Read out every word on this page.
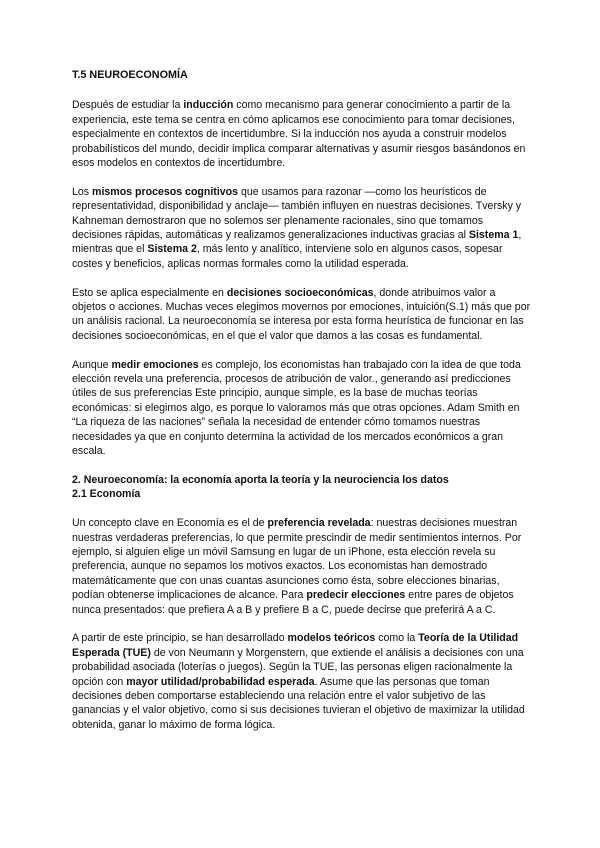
T.5 NEUROECONOMÍA

Después de estudiar la inducción como mecanismo para generar conocimiento a partir de la experiencia, este tema se centra en cómo aplicamos ese conocimiento para tomar decisiones, especialmente en contextos de incertidumbre. Si la inducción nos ayuda a construir modelos probabilísticos del mundo, decidir implica comparar alternativas y asumir riesgos basándonos en esos modelos en contextos de incertidumbre.

Los mismos procesos cognitivos que usamos para razonar —como los heurísticos de representatividad, disponibilidad y anclaje— también influyen en nuestras decisiones. Tversky y Kahneman demostraron que no solemos ser plenamente racionales, sino que tomamos decisiones rápidas, automáticas y realizamos generalizaciones inductivas gracias al Sistema 1, mientras que el Sistema 2, más lento y analítico, interviene solo en algunos casos, sopesar costes y beneficios, aplicas normas formales como la utilidad esperada.

Esto se aplica especialmente en decisiones socioeconómicas, donde atribuimos valor a objetos o acciones. Muchas veces elegimos movernos por emociones, intuición(S.1) más que por un análisis racional. La neuroeconomía se interesa por esta forma heurística de funcionar en las decisiones socioeconómicas, en el que el valor que damos a las cosas es fundamental.

Aunque medir emociones es complejo, los economistas han trabajado con la idea de que toda elección revela una preferencia, procesos de atribución de valor., generando así predicciones útiles de sus preferencias Este principio, aunque simple, es la base de muchas teorías económicas: si elegimos algo, es porque lo valoramos más que otras opciones. Adam Smith en “La riqueza de las naciones” señala la necesidad de entender cómo tomamos nuestras necesidades ya que en conjunto determina la actividad de los mercados económicos a gran escala.

2. Neuroeconomía: la economía aporta la teoría y la neurociencia los datos
2.1 Economía

Un concepto clave en Economía es el de preferencia revelada: nuestras decisiones muestran nuestras verdaderas preferencias, lo que permite prescindir de medir sentimientos internos. Por ejemplo, si alguien elige un móvil Samsung en lugar de un iPhone, esta elección revela su preferencia, aunque no sepamos los motivos exactos. Los economistas han demostrado matemáticamente que con unas cuantas asunciones como ésta, sobre elecciones binarias, podían obtenerse implicaciones de alcance. Para predecir elecciones entre pares de objetos nunca presentados: que prefiera A a B y prefiere B a C, puede decirse que preferirá A a C.

A partir de este principio, se han desarrollado modelos teóricos como la Teoría de la Utilidad Esperada (TUE) de von Neumann y Morgenstern, que extiende el análisis a decisiones con una probabilidad asociada (loterías o juegos). Según la TUE, las personas eligen racionalmente la opción con mayor utilidad/probabilidad esperada. Asume que las personas que toman decisiones deben comportarse estableciendo una relación entre el valor subjetivo de las ganancias y el valor objetivo, como si sus decisiones tuvieran el objetivo de maximizar la utilidad obtenida, ganar lo máximo de forma lógica.
